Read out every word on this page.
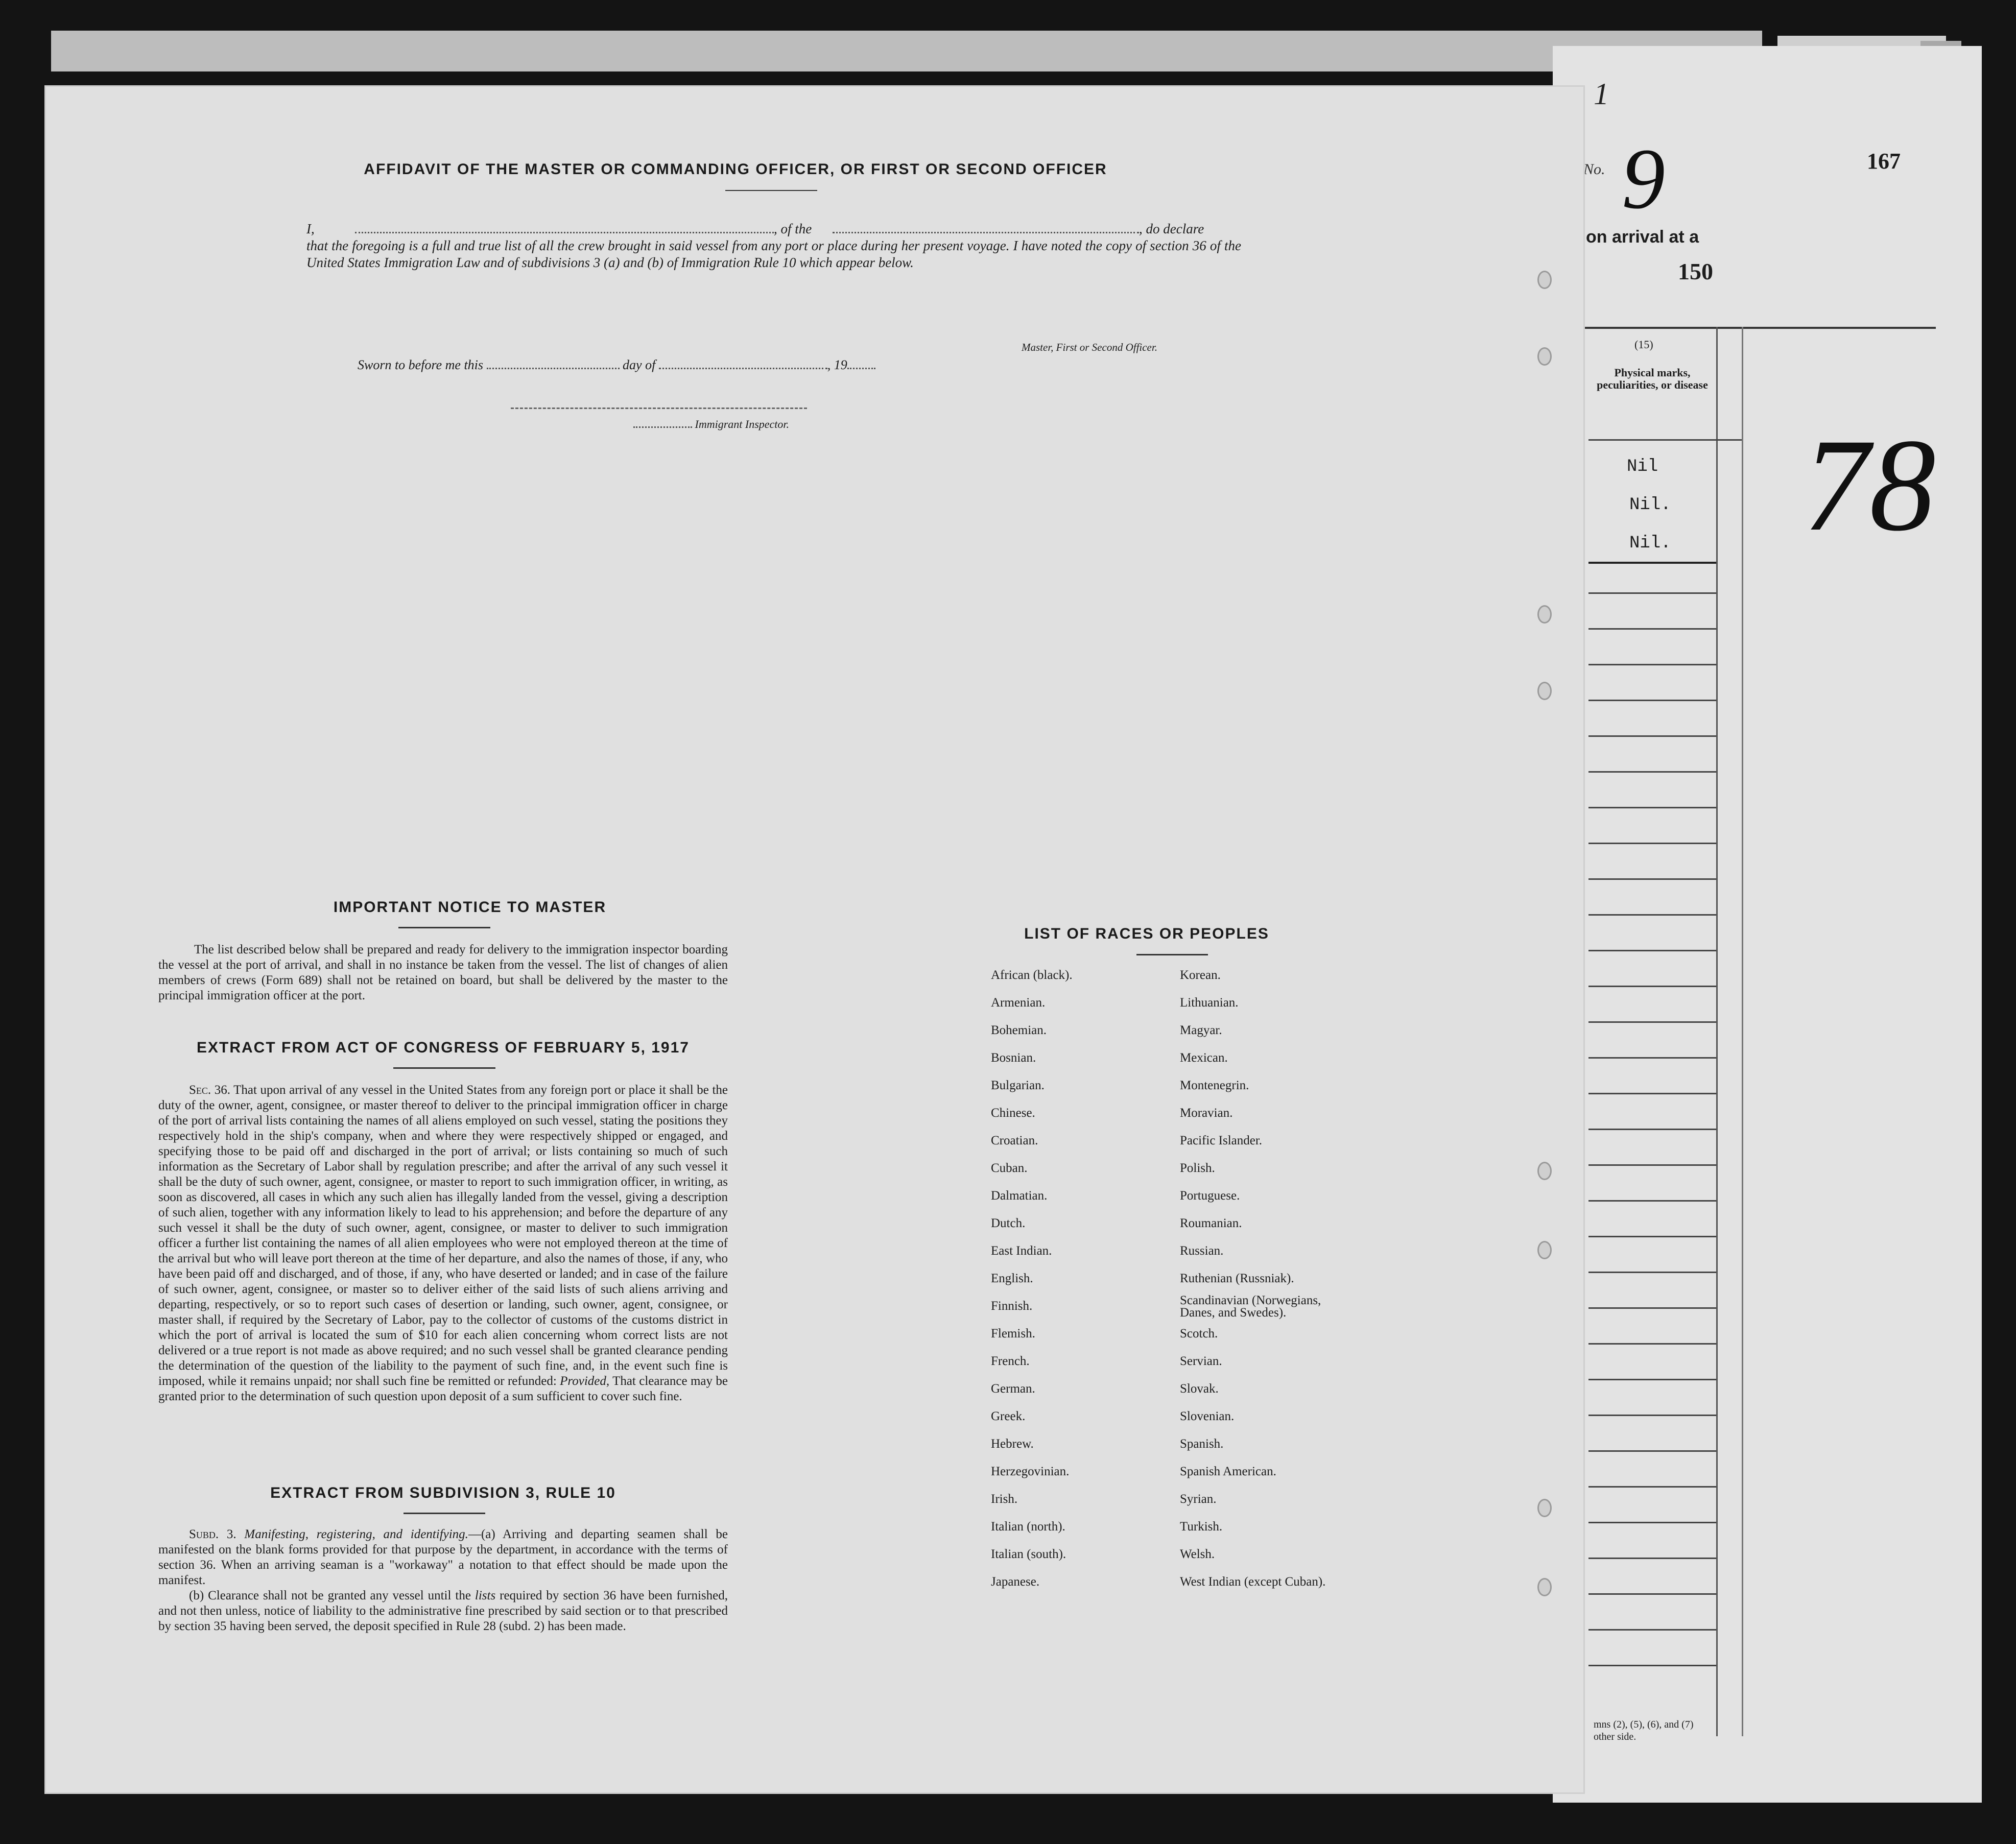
1
No. 9	167
on arrival at a
150
(15)
Physical marks, peculiarities, or disease
Nil
Nil.
Nil.
mns (2), (5), (6), and (7)
other side.
78
AFFIDAVIT OF THE MASTER OR COMMANDING OFFICER, OR FIRST OR SECOND OFFICER
I,	, of the	, do declare
that the foregoing is a full and true list of all the crew brought in said vessel from any port or place during her present voyage. I have noted the copy of section 36 of the United States Immigration Law and of subdivisions 3 (a) and (b) of Immigration Rule 10 which appear below.
Master, First or Second Officer.
Sworn to before me this	day of	, 19
Immigrant Inspector.
IMPORTANT NOTICE TO MASTER
The list described below shall be prepared and ready for delivery to the immigration inspector boarding the vessel at the port of arrival, and shall in no instance be taken from the vessel. The list of changes of alien members of crews (Form 689) shall not be retained on board, but shall be delivered by the master to the principal immigration officer at the port.
EXTRACT FROM ACT OF CONGRESS OF FEBRUARY 5, 1917
Sec. 36. That upon arrival of any vessel in the United States from any foreign port or place it shall be the duty of the owner, agent, consignee, or master thereof to deliver to the principal immigration officer in charge of the port of arrival lists containing the names of all aliens employed on such vessel, stating the positions they respectively hold in the ship's company, when and where they were respectively shipped or engaged, and specifying those to be paid off and discharged in the port of arrival; or lists containing so much of such information as the Secretary of Labor shall by regulation prescribe; and after the arrival of any such vessel it shall be the duty of such owner, agent, consignee, or master to report to such immigration officer, in writing, as soon as discovered, all cases in which any such alien has illegally landed from the vessel, giving a description of such alien, together with any information likely to lead to his apprehension; and before the departure of any such vessel it shall be the duty of such owner, agent, consignee, or master to deliver to such immigration officer a further list containing the names of all alien employees who were not employed thereon at the time of the arrival but who will leave port thereon at the time of her departure, and also the names of those, if any, who have been paid off and discharged, and of those, if any, who have deserted or landed; and in case of the failure of such owner, agent, consignee, or master so to deliver either of the said lists of such aliens arriving and departing, respectively, or so to report such cases of desertion or landing, such owner, agent, consignee, or master shall, if required by the Secretary of Labor, pay to the collector of customs of the customs district in which the port of arrival is located the sum of $10 for each alien concerning whom correct lists are not delivered or a true report is not made as above required; and no such vessel shall be granted clearance pending the determination of the question of the liability to the payment of such fine, and, in the event such fine is imposed, while it remains unpaid; nor shall such fine be remitted or refunded: Provided, That clearance may be granted prior to the determination of such question upon deposit of a sum sufficient to cover such fine.
EXTRACT FROM SUBDIVISION 3, RULE 10
Subd. 3. Manifesting, registering, and identifying.—(a) Arriving and departing seamen shall be manifested on the blank forms provided for that purpose by the department, in accordance with the terms of section 36. When an arriving seaman is a "workaway" a notation to that effect should be made upon the manifest.
(b) Clearance shall not be granted any vessel until the lists required by section 36 have been furnished, and not then unless, notice of liability to the administrative fine prescribed by said section or to that prescribed by section 35 having been served, the deposit specified in Rule 28 (subd. 2) has been made.
LIST OF RACES OR PEOPLES
African (black).
Armenian.
Bohemian.
Bosnian.
Bulgarian.
Chinese.
Croatian.
Cuban.
Dalmatian.
Dutch.
East Indian.
English.
Finnish.
Flemish.
French.
German.
Greek.
Hebrew.
Herzegovinian.
Irish.
Italian (north).
Italian (south).
Japanese.
Korean.
Lithuanian.
Magyar.
Mexican.
Montenegrin.
Moravian.
Pacific Islander.
Polish.
Portuguese.
Roumanian.
Russian.
Ruthenian (Russniak).
Scandinavian (Norwegians, Danes, and Swedes).
Scotch.
Servian.
Slovak.
Slovenian.
Spanish.
Spanish American.
Syrian.
Turkish.
Welsh.
West Indian (except Cuban).
